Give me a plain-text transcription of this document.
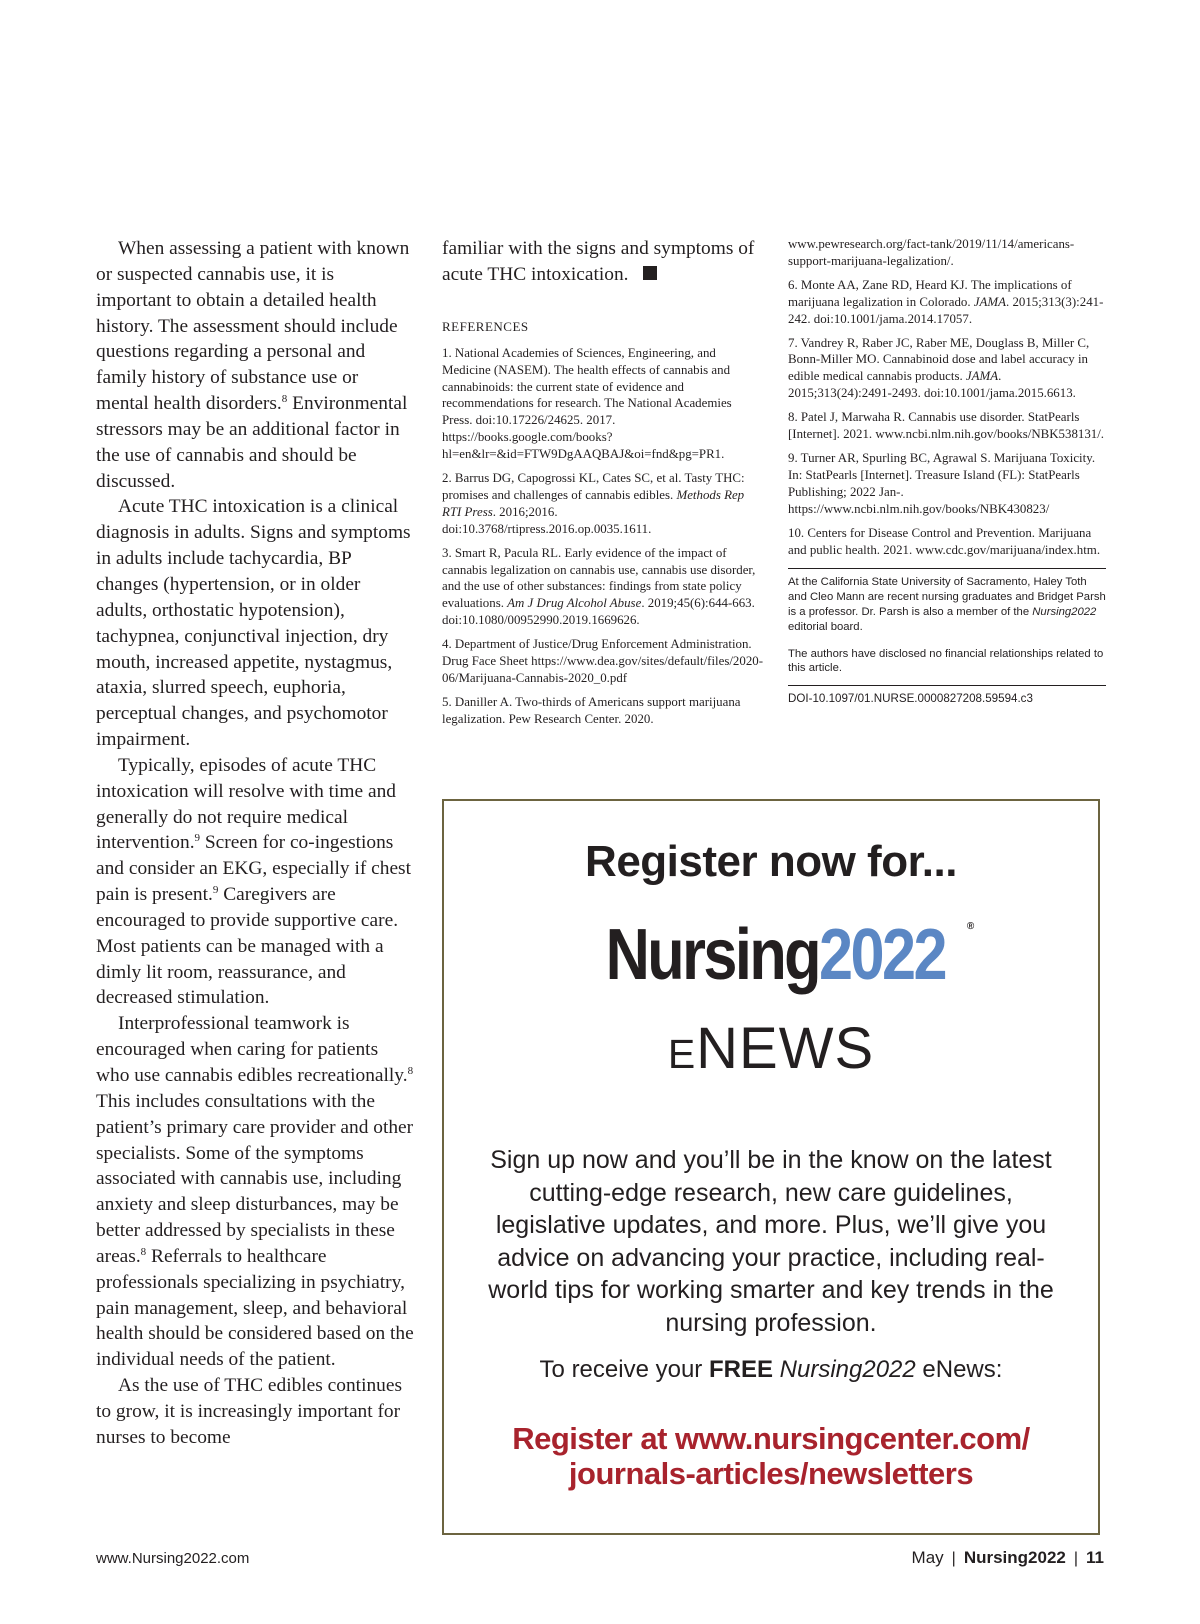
When assessing a patient with known or suspected cannabis use, it is important to obtain a detailed health history. The assessment should include questions regarding a personal and family history of substance use or mental health disorders.$^8$ Environmental stressors may be an additional factor in the use of cannabis and should be discussed.

Acute THC intoxication is a clinical diagnosis in adults. Signs and symptoms in adults include tachycardia, BP changes (hypertension, or in older adults, orthostatic hypotension), tachypnea, conjunctival injection, dry mouth, increased appetite, nystagmus, ataxia, slurred speech, euphoria, perceptual changes, and psychomotor impairment.

Typically, episodes of acute THC intoxication will resolve with time and generally do not require medical intervention.$^9$ Screen for co-ingestions and consider an EKG, especially if chest pain is present.$^9$ Caregivers are encouraged to provide supportive care. Most patients can be managed with a dimly lit room, reassurance, and decreased stimulation.

Interprofessional teamwork is encouraged when caring for patients who use cannabis edibles recreationally.$^8$ This includes consultations with the patient’s primary care provider and other specialists. Some of the symptoms associated with cannabis use, including anxiety and sleep disturbances, may be better addressed by specialists in these areas.$^8$ Referrals to healthcare professionals specializing in psychiatry, pain management, sleep, and behavioral health should be considered based on the individual needs of the patient.

As the use of THC edibles continues to grow, it is increasingly important for nurses to become

familiar with the signs and symptoms of acute THC intoxication.

REFERENCES

1. National Academies of Sciences, Engineering, and Medicine (NASEM). The health effects of cannabis and cannabinoids: the current state of evidence and recommendations for research. The National Academies Press. doi:10.17226/24625. 2017. https://books.google.com/books?hl=en&lr=&id=FTW9DgAAQBAJ&oi=fnd&pg=PR1.

2. Barrus DG, Capogrossi KL, Cates SC, et al. Tasty THC: promises and challenges of cannabis edibles. Methods Rep RTI Press. 2016;2016. doi:10.3768/rtipress.2016.op.0035.1611.

3. Smart R, Pacula RL. Early evidence of the impact of cannabis legalization on cannabis use, cannabis use disorder, and the use of other substances: findings from state policy evaluations. Am J Drug Alcohol Abuse. 2019;45(6):644-663. doi:10.1080/00952990.2019.1669626.

4. Department of Justice/Drug Enforcement Administration. Drug Face Sheet https://www.dea.gov/sites/default/files/2020-06/Marijuana-Cannabis-2020_0.pdf

5. Daniller A. Two-thirds of Americans support marijuana legalization. Pew Research Center. 2020.

www.pewresearch.org/fact-tank/2019/11/14/americans-support-marijuana-legalization/.

6. Monte AA, Zane RD, Heard KJ. The implications of marijuana legalization in Colorado. JAMA. 2015;313(3):241-242. doi:10.1001/jama.2014.17057.

7. Vandrey R, Raber JC, Raber ME, Douglass B, Miller C, Bonn-Miller MO. Cannabinoid dose and label accuracy in edible medical cannabis products. JAMA. 2015;313(24):2491-2493. doi:10.1001/jama.2015.6613.

8. Patel J, Marwaha R. Cannabis use disorder. StatPearls [Internet]. 2021. www.ncbi.nlm.nih.gov/books/NBK538131/.

9. Turner AR, Spurling BC, Agrawal S. Marijuana Toxicity. In: StatPearls [Internet]. Treasure Island (FL): StatPearls Publishing; 2022 Jan-. https://www.ncbi.nlm.nih.gov/books/NBK430823/

10. Centers for Disease Control and Prevention. Marijuana and public health. 2021. www.cdc.gov/marijuana/index.htm.

At the California State University of Sacramento, Haley Toth and Cleo Mann are recent nursing graduates and Bridget Parsh is a professor. Dr. Parsh is also a member of the Nursing2022 editorial board.

The authors have disclosed no financial relationships related to this article.

DOI-10.1097/01.NURSE.0000827208.59594.c3

Register now for...
Nursing2022 ®
eNEWS

Sign up now and you’ll be in the know on the latest cutting-edge research, new care guidelines, legislative updates, and more. Plus, we’ll give you advice on advancing your practice, including real-world tips for working smarter and key trends in the nursing profession.

To receive your FREE Nursing2022 eNews:
Register at www.nursingcenter.com/
journals-articles/newsletters
www.Nursing2022.com	May | Nursing2022 | 11
